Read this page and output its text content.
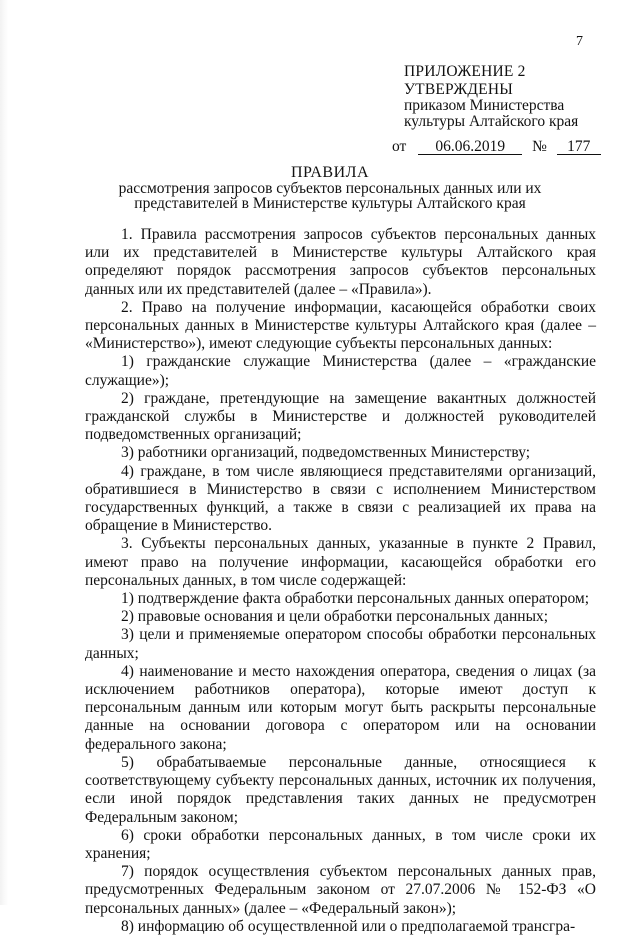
7
ПРИЛОЖЕНИЕ 2
УТВЕРЖДЕНЫ
приказом Министерства
культуры Алтайского края
от 06.06.2019 № 177
ПРАВИЛА
рассмотрения запросов субъектов персональных данных или их
представителей в Министерстве культуры Алтайского края

1. Правила рассмотрения запросов субъектов персональных данных или их представителей в Министерстве культуры Алтайского края определяют порядок рассмотрения запросов субъектов персональных данных или их представителей (далее – «Правила»).

2. Право на получение информации, касающейся обработки своих персональных данных в Министерстве культуры Алтайского края (далее – «Министерство»), имеют следующие субъекты персональных данных:

1) гражданские служащие Министерства (далее – «гражданские служащие»);

2) граждане, претендующие на замещение вакантных должностей гражданской службы в Министерстве и должностей руководителей подведомственных организаций;

3) работники организаций, подведомственных Министерству;

4) граждане, в том числе являющиеся представителями организаций, обратившиеся в Министерство в связи с исполнением Министерством государственных функций, а также в связи с реализацией их права на обращение в Министерство.

3. Субъекты персональных данных, указанные в пункте 2 Правил, имеют право на получение информации, касающейся обработки его персональных данных, в том числе содержащей:

1) подтверждение факта обработки персональных данных оператором;

2) правовые основания и цели обработки персональных данных;

3) цели и применяемые оператором способы обработки персональных данных;

4) наименование и место нахождения оператора, сведения о лицах (за исключением работников оператора), которые имеют доступ к персональным данным или которым могут быть раскрыты персональные данные на основании договора с оператором или на основании федерального закона;

5) обрабатываемые персональные данные, относящиеся к соответствующему субъекту персональных данных, источник их получения, если иной порядок представления таких данных не предусмотрен Федеральным законом;

6) сроки обработки персональных данных, в том числе сроки их хранения;

7) порядок осуществления субъектом персональных данных прав, предусмотренных Федеральным законом от 27.07.2006 № 152-ФЗ «О персональных данных» (далее – «Федеральный закон»);

8) информацию об осуществленной или о предполагаемой трансгра-
